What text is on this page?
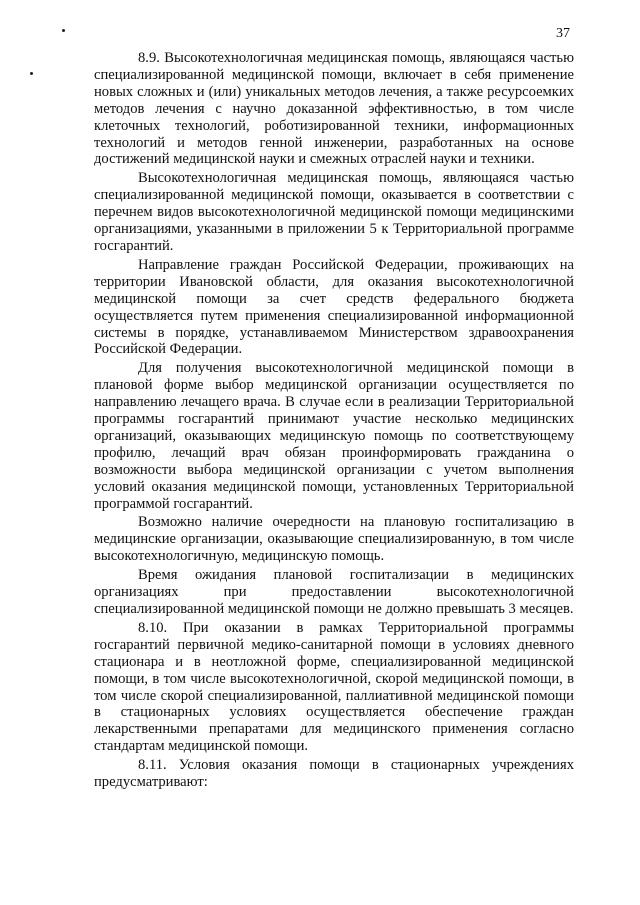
37

8.9. Высокотехнологичная медицинская помощь, являющаяся частью специализированной медицинской помощи, включает в себя применение новых сложных и (или) уникальных методов лечения, а также ресурсоемких методов лечения с научно доказанной эффективностью, в том числе клеточных технологий, роботизированной техники, информационных технологий и методов генной инженерии, разработанных на основе достижений медицинской науки и смежных отраслей науки и техники.

Высокотехнологичная медицинская помощь, являющаяся частью специализированной медицинской помощи, оказывается в соответствии с перечнем видов высокотехнологичной медицинской помощи медицинскими организациями, указанными в приложении 5 к Территориальной программе госгарантий.

Направление граждан Российской Федерации, проживающих на территории Ивановской области, для оказания высокотехнологичной медицинской помощи за счет средств федерального бюджета осуществляется путем применения специализированной информационной системы в порядке, устанавливаемом Министерством здравоохранения Российской Федерации.

Для получения высокотехнологичной медицинской помощи в плановой форме выбор медицинской организации осуществляется по направлению лечащего врача. В случае если в реализации Территориальной программы госгарантий принимают участие несколько медицинских организаций, оказывающих медицинскую помощь по соответствующему профилю, лечащий врач обязан проинформировать гражданина о возможности выбора медицинской организации с учетом выполнения условий оказания медицинской помощи, установленных Территориальной программой госгарантий.

Возможно наличие очередности на плановую госпитализацию в медицинские организации, оказывающие специализированную, в том числе высокотехнологичную, медицинскую помощь.

Время ожидания плановой госпитализации в медицинских организациях при предоставлении высокотехнологичной специализированной медицинской помощи не должно превышать 3 месяцев.

8.10. При оказании в рамках Территориальной программы госгарантий первичной медико-санитарной помощи в условиях дневного стационара и в неотложной форме, специализированной медицинской помощи, в том числе высокотехнологичной, скорой медицинской помощи, в том числе скорой специализированной, паллиативной медицинской помощи в стационарных условиях осуществляется обеспечение граждан лекарственными препаратами для медицинского применения согласно стандартам медицинской помощи.

8.11. Условия оказания помощи в стационарных учреждениях предусматривают:
